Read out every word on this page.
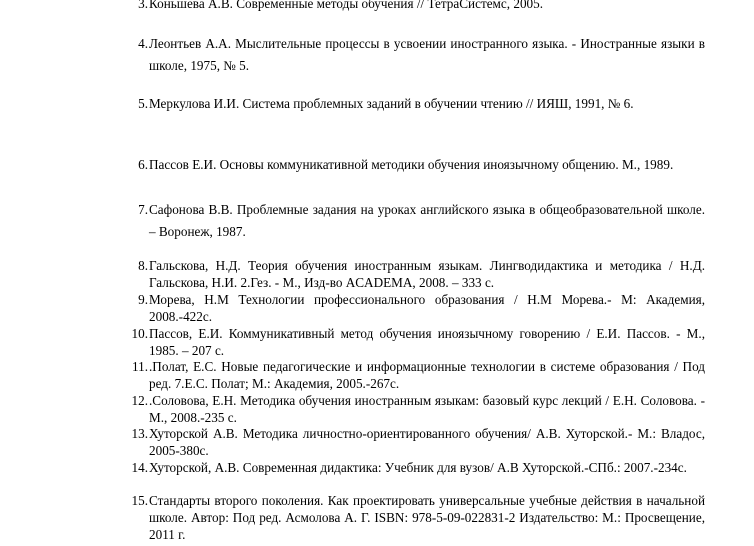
3. Коньшева А.В. Современные методы обучения // ТетраСистемс, 2005.
4. Леонтьев А.А. Мыслительные процессы в усвоении иностранного языка. - Иностранные языки в школе, 1975, № 5.
5. Меркулова И.И. Система проблемных заданий в обучении чтению // ИЯШ, 1991, № 6.
6. Пассов Е.И. Основы коммуникативной методики обучения иноязычному общению. М., 1989.
7. Сафонова В.В. Проблемные задания на уроках английского языка в общеобразовательной школе. – Воронеж, 1987.
8. Гальскова, Н.Д. Теория обучения иностранным языкам. Лингводидактика и методика / Н.Д. Гальскова, Н.И. 2.Гез. - М., Изд-во ACADEMA, 2008. – 333 с.
9. Морева, Н.М Технологии профессионального образования / Н.М Морева.- М: Академия, 2008.-422с.
10. Пассов, Е.И. Коммуникативный метод обучения иноязычному говорению / Е.И. Пассов. - М., 1985. – 207 с.
11. .Полат, Е.С. Новые педагогические и информационные технологии в системе образования / Под ред. 7.Е.С. Полат; М.: Академия, 2005.-267с.
12. .Соловова, Е.Н. Методика обучения иностранным языкам: базовый курс лекций / Е.Н. Соловова. - М., 2008.-235 с.
13. Хуторской А.В. Методика личностно-ориентированного обучения/ А.В. Хуторской.- М.: Владос, 2005-380с.
14. Хуторской, А.В. Современная дидактика: Учебник для вузов/ А.В Хуторской.-СПб.: 2007.-234с.
15. Стандарты второго поколения. Как проектировать универсальные учебные действия в начальной школе. Автор: Под ред. Асмолова А. Г. ISBN: 978-5-09-022831-2 Издательство: М.: Просвещение, 2011 г.
